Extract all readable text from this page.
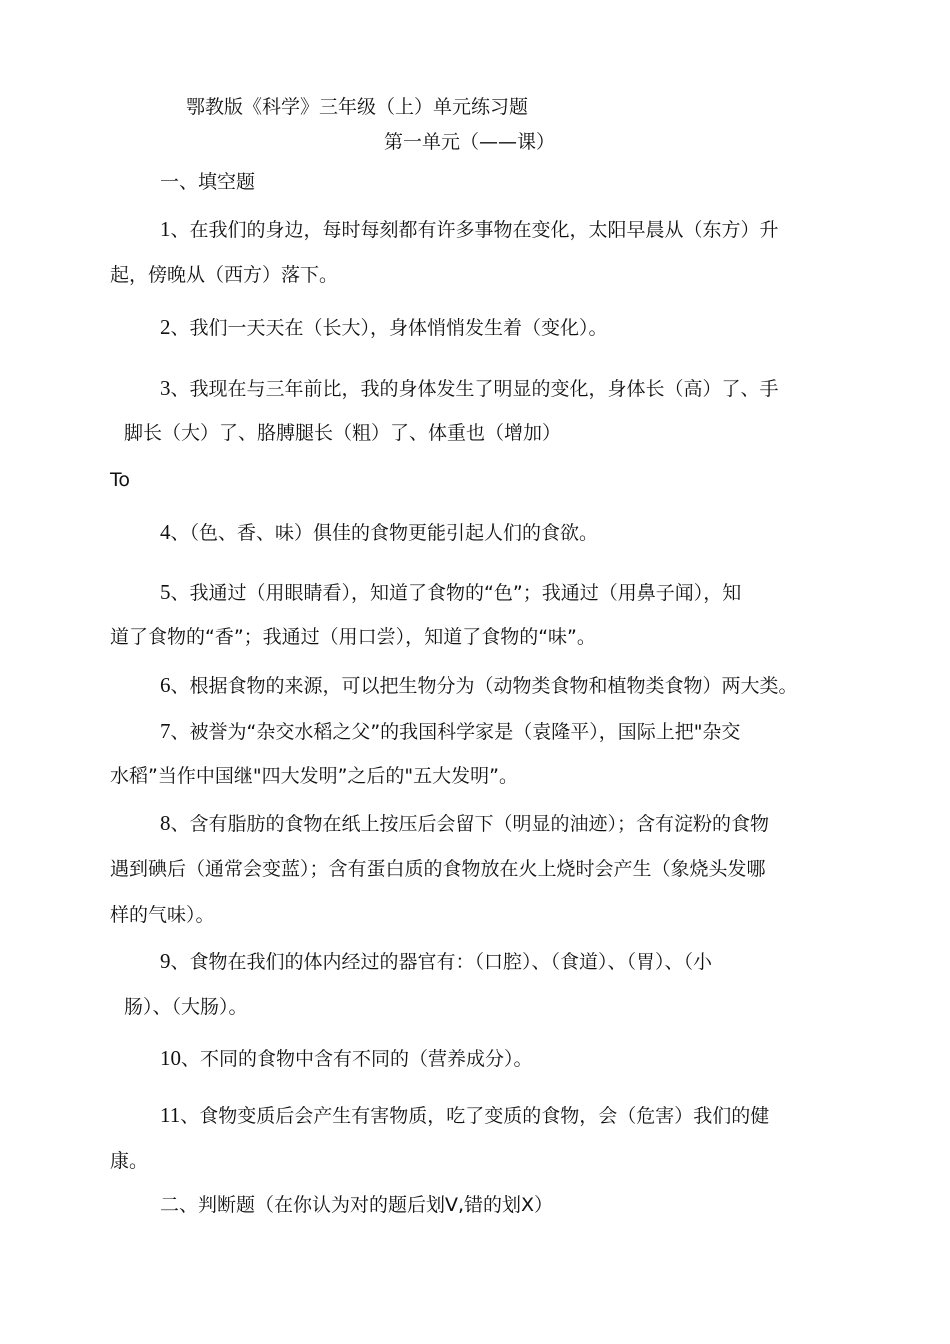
鄂教版《科学》三年级（上）单元练习题
第一单元（——课）
一、填空题
1、在我们的身边，每时每刻都有许多事物在变化，太阳早晨从（东方）升
起，傍晚从（西方）落下。
2、我们一天天在（长大），身体悄悄发生着（变化）。
3、我现在与三年前比，我的身体发生了明显的变化，身体长（高）了、手
脚长（大）了、胳膊腿长（粗）了、体重也（增加）
To
4、（色、香、味）俱佳的食物更能引起人们的食欲。
5、我通过（用眼睛看），知道了食物的“色”；我通过（用鼻子闻），知
道了食物的“香”；我通过（用口尝），知道了食物的“味”。
6、根据食物的来源，可以把生物分为（动物类食物和植物类食物）两大类。
7、被誉为“杂交水稻之父”的我国科学家是（袁隆平），国际上把"杂交
水稻”当作中国继"四大发明”之后的"五大发明”。
8、含有脂肪的食物在纸上按压后会留下（明显的油迹）；含有淀粉的食物
遇到碘后（通常会变蓝）；含有蛋白质的食物放在火上烧时会产生（象烧头发哪
样的气味）。
9、食物在我们的体内经过的器官有：（口腔）、（食道）、（胃）、（小
肠）、（大肠）。
10、不同的食物中含有不同的（营养成分）。
11、食物变质后会产生有害物质，吃了变质的食物，会（危害）我们的健
康。
二、判断题（在你认为对的题后划V,错的划X）
